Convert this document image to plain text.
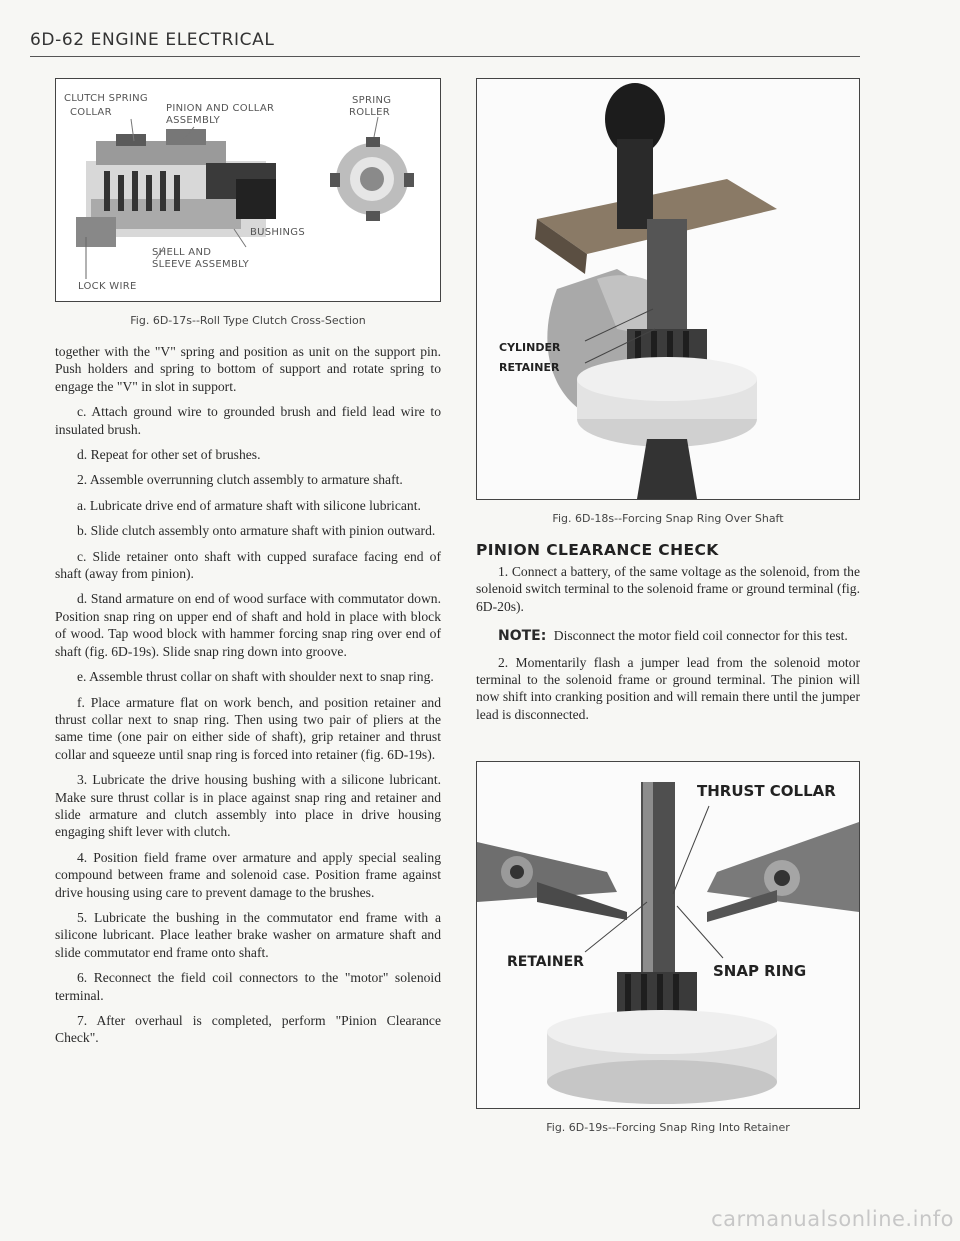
6D-62 ENGINE ELECTRICAL
CLUTCH SPRING
COLLAR	PINION AND COLLAR
ASSEMBLY
SPRING
ROLLER
BUSHINGS
SHELL AND
SLEEVE ASSEMBLY
LOCK WIRE
Fig. 6D-17s--Roll Type Clutch Cross-Section

together with the "V" spring and position as unit on the support pin. Push holders and spring to bottom of support and rotate spring to engage the "V" in slot in support.

c. Attach ground wire to grounded brush and field lead wire to insulated brush.

d. Repeat for other set of brushes.

2. Assemble overrunning clutch assembly to armature shaft.

a. Lubricate drive end of armature shaft with silicone lubricant.

b. Slide clutch assembly onto armature shaft with pinion outward.

c. Slide retainer onto shaft with cupped suraface facing end of shaft (away from pinion).

d. Stand armature on end of wood surface with commutator down. Position snap ring on upper end of shaft and hold in place with block of wood. Tap wood block with hammer forcing snap ring over end of shaft (fig. 6D-19s). Slide snap ring down into groove.

e. Assemble thrust collar on shaft with shoulder next to snap ring.

f. Place armature flat on work bench, and position retainer and thrust collar next to snap ring. Then using two pair of pliers at the same time (one pair on either side of shaft), grip retainer and thrust collar and squeeze until snap ring is forced into retainer (fig. 6D-19s).

3. Lubricate the drive housing bushing with a silicone lubricant. Make sure thrust collar is in place against snap ring and retainer and slide armature and clutch assembly into place in drive housing engaging shift lever with clutch.

4. Position field frame over armature and apply special sealing compound between frame and solenoid case. Position frame against drive housing using care to prevent damage to the brushes.

5. Lubricate the bushing in the commutator end frame with a silicone lubricant. Place leather brake washer on armature shaft and slide commutator end frame onto shaft.

6. Reconnect the field coil connectors to the "motor" solenoid terminal.

7. After overhaul is completed, perform "Pinion Clearance Check".

CYLINDER
RETAINER
Fig. 6D-18s--Forcing Snap Ring Over Shaft
PINION CLEARANCE CHECK

1. Connect a battery, of the same voltage as the solenoid, from the solenoid switch terminal to the solenoid frame or ground terminal (fig. 6D-20s).

NOTE: Disconnect the motor field coil connector for this test.

2. Momentarily flash a jumper lead from the solenoid motor terminal to the solenoid frame or ground terminal. The pinion will now shift into cranking position and will remain there until the jumper lead is disconnected.

THRUST COLLAR
RETAINER	SNAP RING
Fig. 6D-19s--Forcing Snap Ring Into Retainer
carmanualsonline.info
